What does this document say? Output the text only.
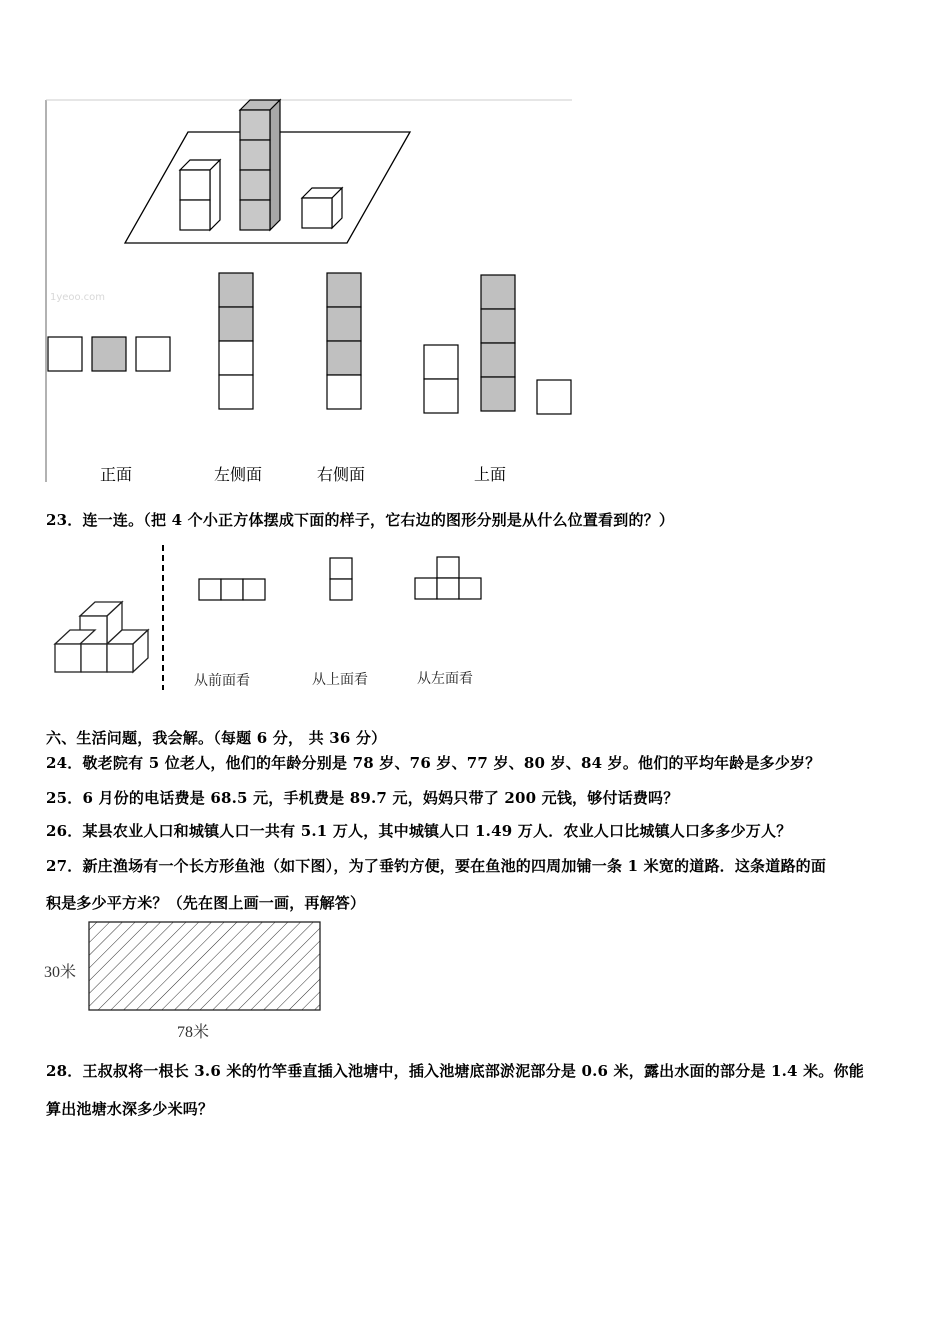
1yeoo.com
正面	左侧面	右侧面	上面
23．连一连。（把 4 个小正方体摆成下面的样子，它右边的图形分别是从什么位置看到的？）
从前面看	从上面看	从左面看
六、生活问题，我会解。（每题 6 分， 共 36 分）
24．敬老院有 5 位老人，他们的年龄分别是 78 岁、76 岁、77 岁、80 岁、84 岁。他们的平均年龄是多少岁？
25．6 月份的电话费是 68.5 元，手机费是 89.7 元，妈妈只带了 200 元钱，够付话费吗？
26．某县农业人口和城镇人口一共有 5.1 万人，其中城镇人口 1.49 万人．农业人口比城镇人口多多少万人？
27．新庄渔场有一个长方形鱼池（如下图），为了垂钓方便，要在鱼池的四周加铺一条 1 米宽的道路．这条道路的面
积是多少平方米？（先在图上画一画，再解答）
30米
78米
28．王叔叔将一根长 3.6 米的竹竿垂直插入池塘中，插入池塘底部淤泥部分是 0.6 米，露出水面的部分是 1.4 米。你能
算出池塘水深多少米吗？
